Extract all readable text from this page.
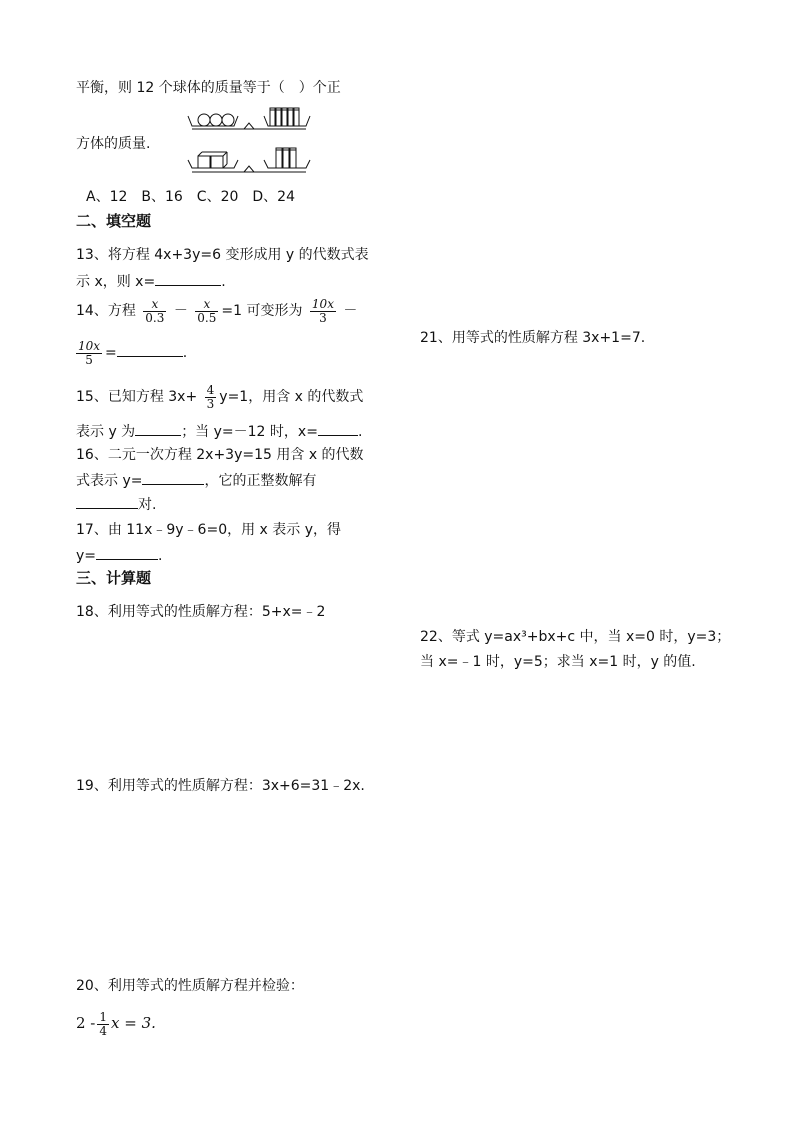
平衡，则 12 个球体的质量等于（　）个正
方体的质量.
A、12　B、16　C、20　D、24
二、填空题
13、将方程 4x+3y=6 变形成用 y 的代数式表
示 x，则 x=	.
14、方程 $\frac{x}{0.3} - \frac{x}{0.5} =1$ 可变形为 $\frac{10x}{3}$ －
$\frac{10x}{5}$ =	.
15、已知方程 $3x+ \frac{4}{3} y=1$，用含 x 的代数式
表示 y 为	；当 y=－12 时，x=	.
16、二元一次方程 2x+3y=15 用含 x 的代数
式表示 y=	，它的正整数解有
对.
17、由 11x﹣9y﹣6=0，用 x 表示 y，得
y=	.
三、计算题
18、利用等式的性质解方程：5+x=﹣2
19、利用等式的性质解方程：3x+6=31﹣2x.
20、利用等式的性质解方程并检验：
$2 - \frac{1}{4}$ x = 3.
21、用等式的性质解方程 3x+1=7.
22、等式 y=ax³+bx+c 中，当 x=0 时，y=3；
当 x=﹣1 时，y=5；求当 x=1 时，y 的值.
